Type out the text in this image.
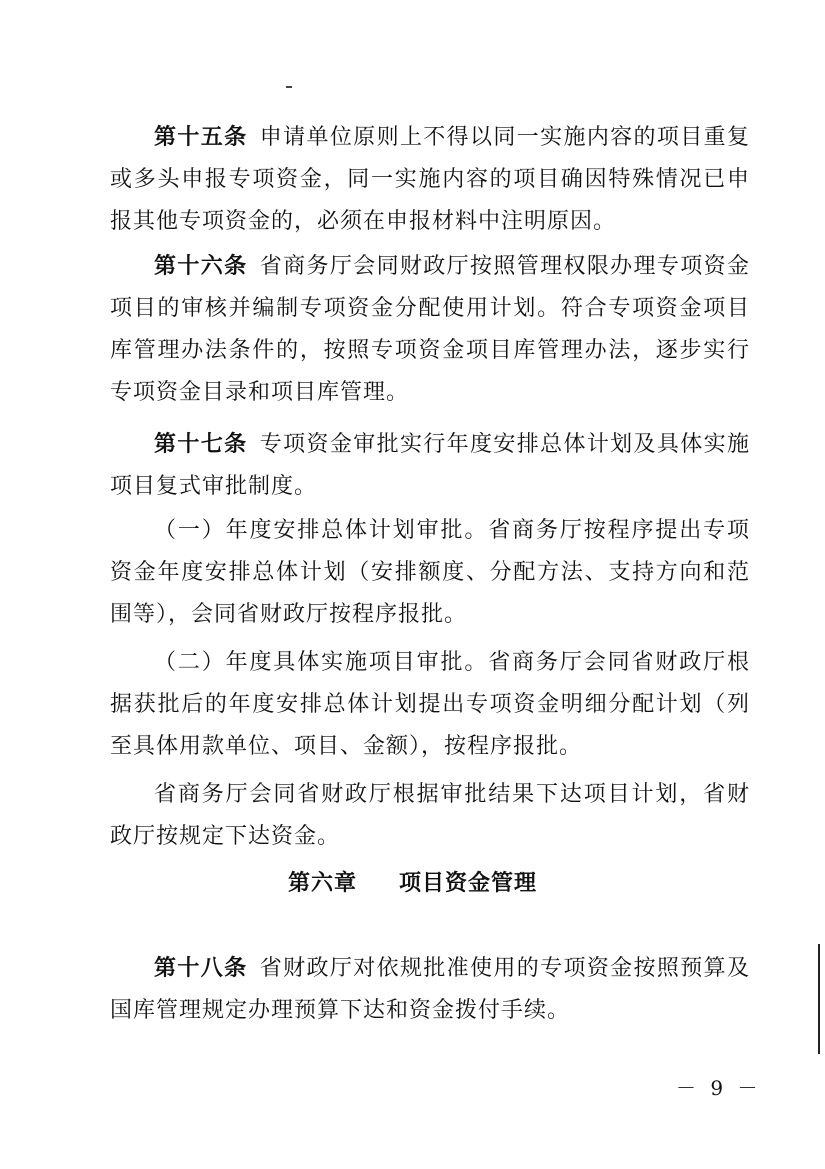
第十五条 申请单位原则上不得以同一实施内容的项目重复或多头申报专项资金，同一实施内容的项目确因特殊情况已申报其他专项资金的，必须在申报材料中注明原因。

第十六条 省商务厅会同财政厅按照管理权限办理专项资金项目的审核并编制专项资金分配使用计划。符合专项资金项目库管理办法条件的，按照专项资金项目库管理办法，逐步实行专项资金目录和项目库管理。

第十七条 专项资金审批实行年度安排总体计划及具体实施项目复式审批制度。

（一）年度安排总体计划审批。省商务厅按程序提出专项资金年度安排总体计划（安排额度、分配方法、支持方向和范围等），会同省财政厅按程序报批。

（二）年度具体实施项目审批。省商务厅会同省财政厅根据获批后的年度安排总体计划提出专项资金明细分配计划（列至具体用款单位、项目、金额），按程序报批。

省商务厅会同省财政厅根据审批结果下达项目计划，省财政厅按规定下达资金。

第六章 项目资金管理

第十八条 省财政厅对依规批准使用的专项资金按照预算及国库管理规定办理预算下达和资金拨付手续。

－ 9 －
